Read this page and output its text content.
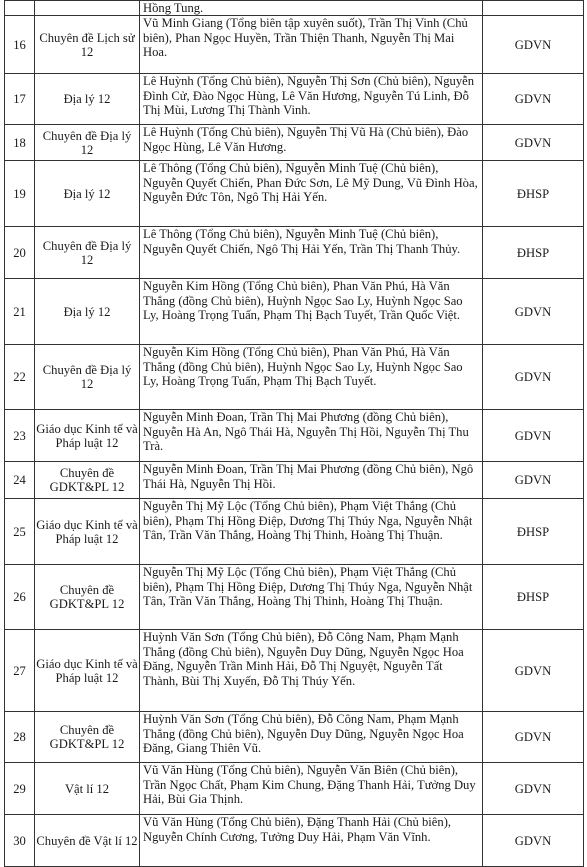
		Hồng Tung.	
16	Chuyên đề Lịch sử 12	Vũ Minh Giang (Tổng biên tập xuyên suốt), Trần Thị Vinh (Chủ biên), Phan Ngọc Huyền, Trần Thiện Thanh, Nguyễn Thị Mai Hoa.	GDVN
17	Địa lý 12	Lê Huỳnh (Tổng Chủ biên), Nguyễn Thị Sơn (Chủ biên), Nguyễn Đình Cử, Đào Ngọc Hùng, Lê Văn Hương, Nguyễn Tú Linh, Đỗ Thị Mùi, Lương Thị Thành Vinh.	GDVN
18	Chuyên đề Địa lý 12	Lê Huỳnh (Tổng Chủ biên), Nguyễn Thị Vũ Hà (Chủ biên), Đào Ngọc Hùng, Lê Văn Hương.	GDVN
19	Địa lý 12	Lê Thông (Tổng Chủ biên), Nguyễn Minh Tuệ (Chủ biên), Nguyễn Quyết Chiến, Phan Đức Sơn, Lê Mỹ Dung, Vũ Đình Hòa, Nguyễn Đức Tôn, Ngô Thị Hải Yến.	ĐHSP
20	Chuyên đề Địa lý 12	Lê Thông (Tổng Chủ biên), Nguyễn Minh Tuệ (Chủ biên), Nguyễn Quyết Chiến, Ngô Thị Hải Yến, Trần Thị Thanh Thủy.	ĐHSP
21	Địa lý 12	Nguyễn Kim Hồng (Tổng Chủ biên), Phan Văn Phú, Hà Văn Thắng (đồng Chủ biên), Huỳnh Ngọc Sao Ly, Huỳnh Ngọc Sao Ly, Hoàng Trọng Tuấn, Phạm Thị Bạch Tuyết, Trần Quốc Việt.	GDVN
22	Chuyên đề Địa lý 12	Nguyễn Kim Hồng (Tổng Chủ biên), Phan Văn Phú, Hà Văn Thắng (đồng Chủ biên), Huỳnh Ngọc Sao Ly, Huỳnh Ngọc Sao Ly, Hoàng Trọng Tuấn, Phạm Thị Bạch Tuyết.	GDVN
23	Giáo dục Kinh tế và Pháp luật 12	Nguyễn Minh Đoan, Trần Thị Mai Phương (đồng Chủ biên), Nguyễn Hà An, Ngô Thái Hà, Nguyễn Thị Hồi, Nguyễn Thị Thu Trà.	GDVN
24	Chuyên đề GDKT&PL 12	Nguyễn Minh Đoan, Trần Thị Mai Phương (đồng Chủ biên), Ngô Thái Hà, Nguyễn Thị Hồi.	GDVN
25	Giáo dục Kinh tế và Pháp luật 12	Nguyễn Thị Mỹ Lộc (Tổng Chủ biên), Phạm Việt Thắng (Chủ biên), Phạm Thị Hồng Điệp, Dương Thị Thúy Nga, Nguyễn Nhật Tân, Trần Văn Thắng, Hoàng Thị Thinh, Hoàng Thị Thuận.	ĐHSP
26	Chuyên đề GDKT&PL 12	Nguyễn Thị Mỹ Lộc (Tổng Chủ biên), Phạm Việt Thắng (Chủ biên), Phạm Thị Hồng Điệp, Dương Thị Thúy Nga, Nguyễn Nhật Tân, Trần Văn Thắng, Hoàng Thị Thinh, Hoàng Thị Thuận.	ĐHSP
27	Giáo dục Kinh tế và Pháp luật 12	Huỳnh Văn Sơn (Tổng Chủ biên), Đỗ Công Nam, Phạm Mạnh Thắng (đồng Chủ biên), Nguyễn Duy Dũng, Nguyễn Ngọc Hoa Đăng, Nguyễn Trần Minh Hải, Đỗ Thị Nguyệt, Nguyễn Tất Thành, Bùi Thị Xuyến, Đỗ Thị Thúy Yến.	GDVN
28	Chuyên đề GDKT&PL 12	Huỳnh Văn Sơn (Tổng Chủ biên), Đỗ Công Nam, Phạm Mạnh Thắng (đồng Chủ biên), Nguyễn Duy Dũng, Nguyễn Ngọc Hoa Đăng, Giang Thiên Vũ.	GDVN
29	Vật lí 12	Vũ Văn Hùng (Tổng Chủ biên), Nguyễn Văn Biên (Chủ biên), Trần Ngọc Chất, Phạm Kim Chung, Đặng Thanh Hải, Tưởng Duy Hải, Bùi Gia Thịnh.	GDVN
30	Chuyên đề Vật lí 12	Vũ Văn Hùng (Tổng Chủ biên), Đặng Thanh Hải (Chủ biên), Nguyễn Chính Cương, Tưởng Duy Hải, Phạm Văn Vĩnh.	GDVN
